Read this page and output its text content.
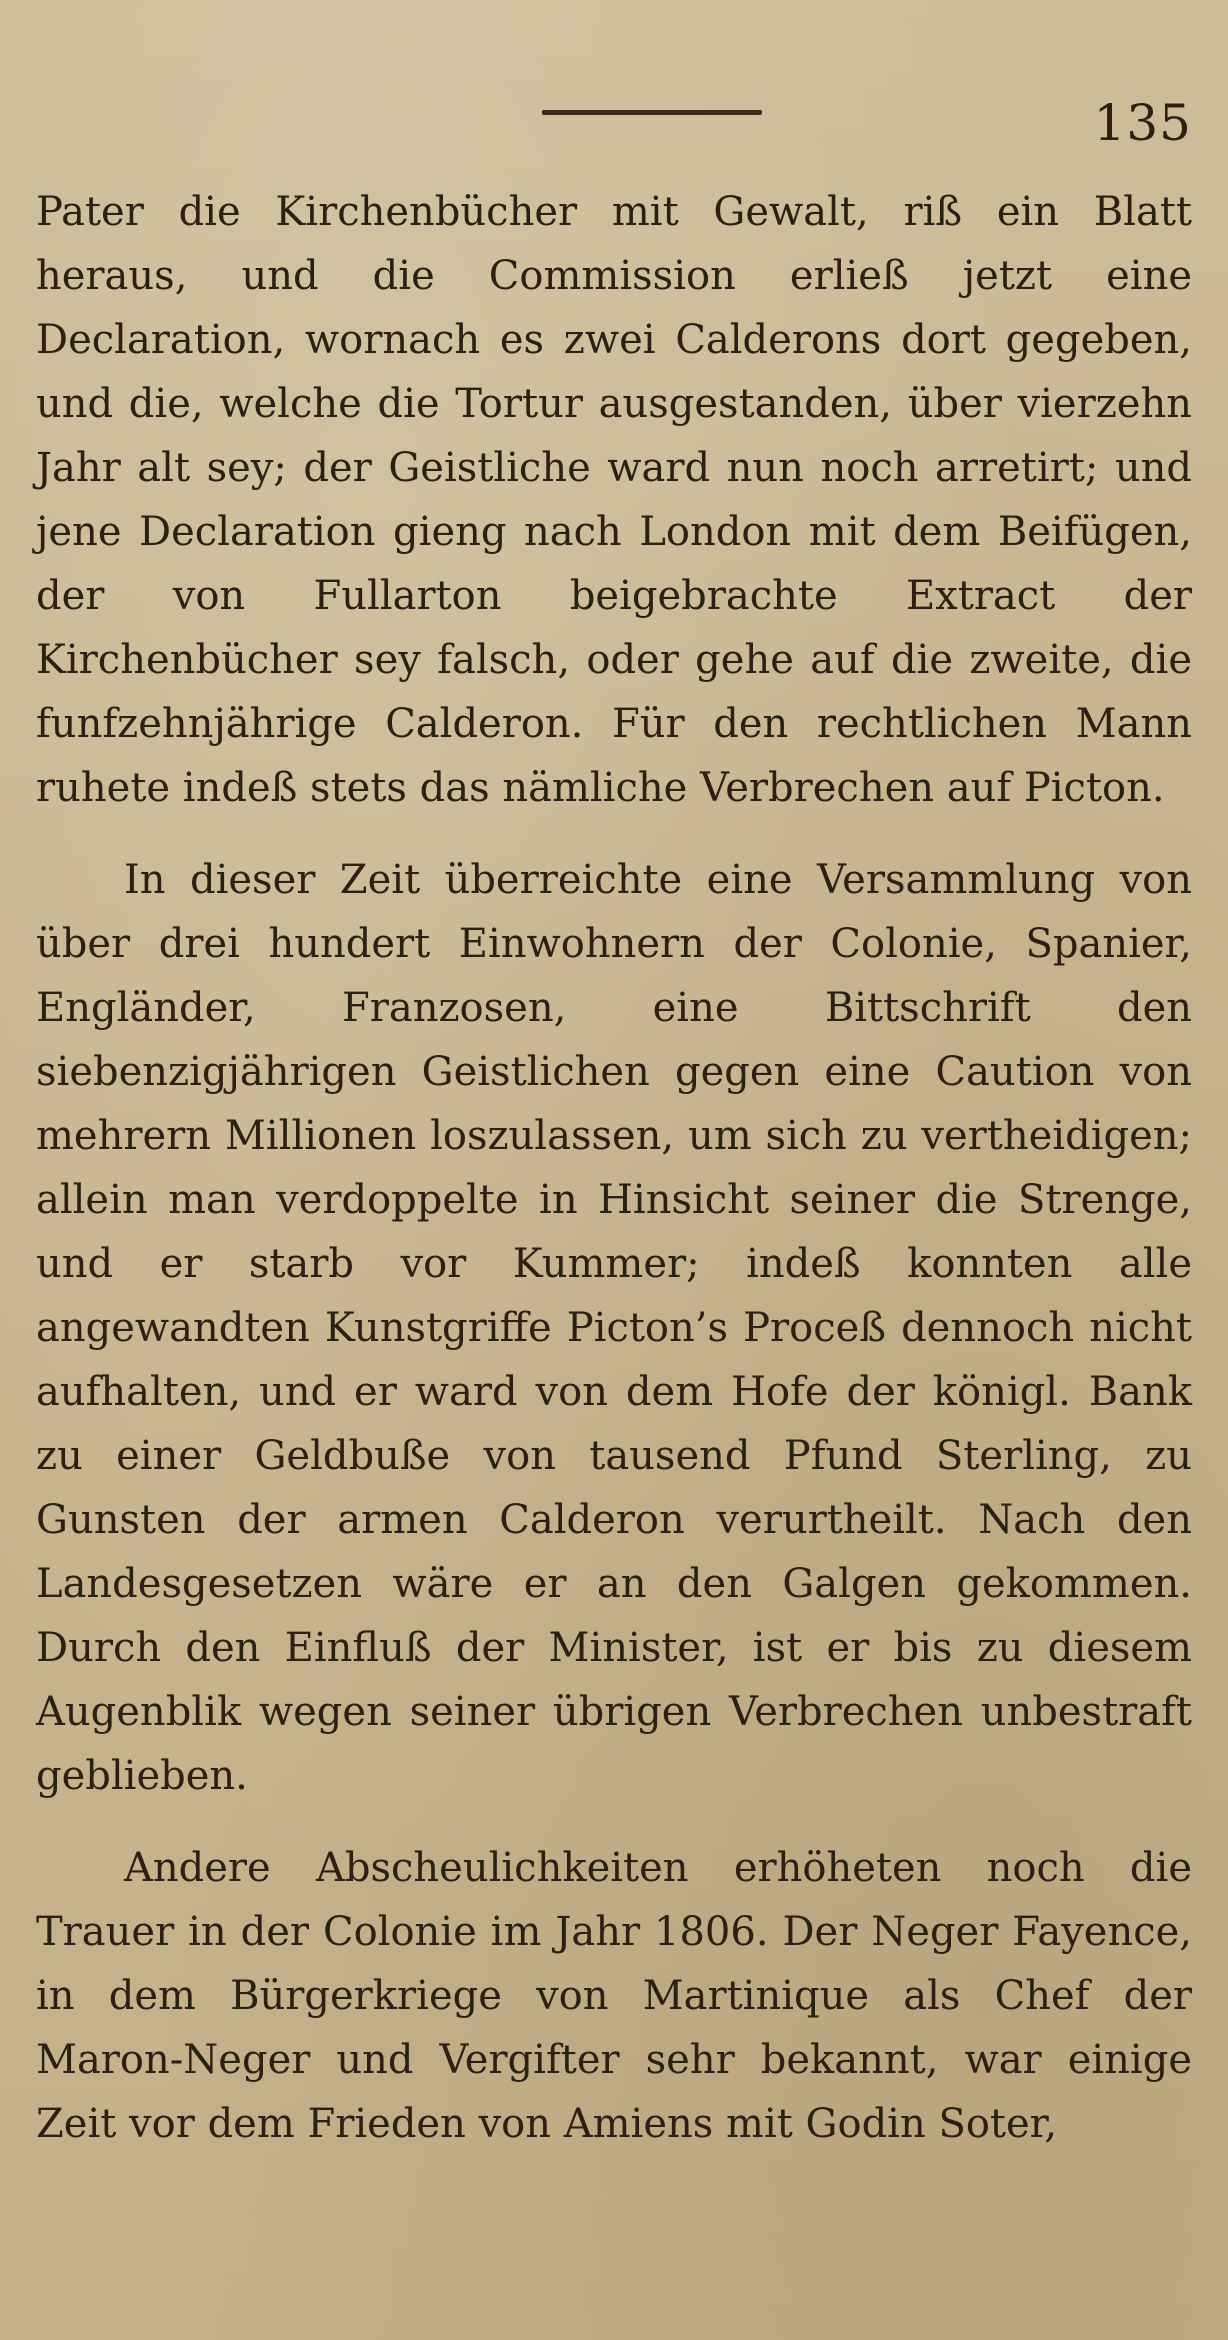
135

Pater die Kirchenbücher mit Gewalt, riß ein Blatt heraus, und die Commission erließ jetzt eine Declaration, wornach es zwei Calderons dort gegeben, und die, welche die Tortur ausgestanden, über vierzehn Jahr alt sey; der Geistliche ward nun noch arretirt; und jene Declaration gieng nach London mit dem Beifügen, der von Fullarton beigebrachte Extract der Kirchenbücher sey falsch, oder gehe auf die zweite, die funfzehnjährige Calderon. Für den rechtlichen Mann ruhete indeß stets das nämliche Verbrechen auf Picton.

In dieser Zeit überreichte eine Versammlung von über drei hundert Einwohnern der Colonie, Spanier, Engländer, Franzosen, eine Bittschrift den siebenzigjährigen Geistlichen gegen eine Caution von mehrern Millionen loszulassen, um sich zu vertheidigen; allein man verdoppelte in Hinsicht seiner die Strenge, und er starb vor Kummer; indeß konnten alle angewandten Kunstgriffe Picton’s Proceß dennoch nicht aufhalten, und er ward von dem Hofe der königl. Bank zu einer Geldbuße von tausend Pfund Sterling, zu Gunsten der armen Calderon verurtheilt. Nach den Landesgesetzen wäre er an den Galgen gekommen. Durch den Einfluß der Minister, ist er bis zu diesem Augenblik wegen seiner übrigen Verbrechen unbestraft geblieben.

Andere Abscheulichkeiten erhöheten noch die Trauer in der Colonie im Jahr 1806. Der Neger Fayence, in dem Bürgerkriege von Martinique als Chef der Maron-Neger und Vergifter sehr bekannt, war einige Zeit vor dem Frieden von Amiens mit Godin Soter,
